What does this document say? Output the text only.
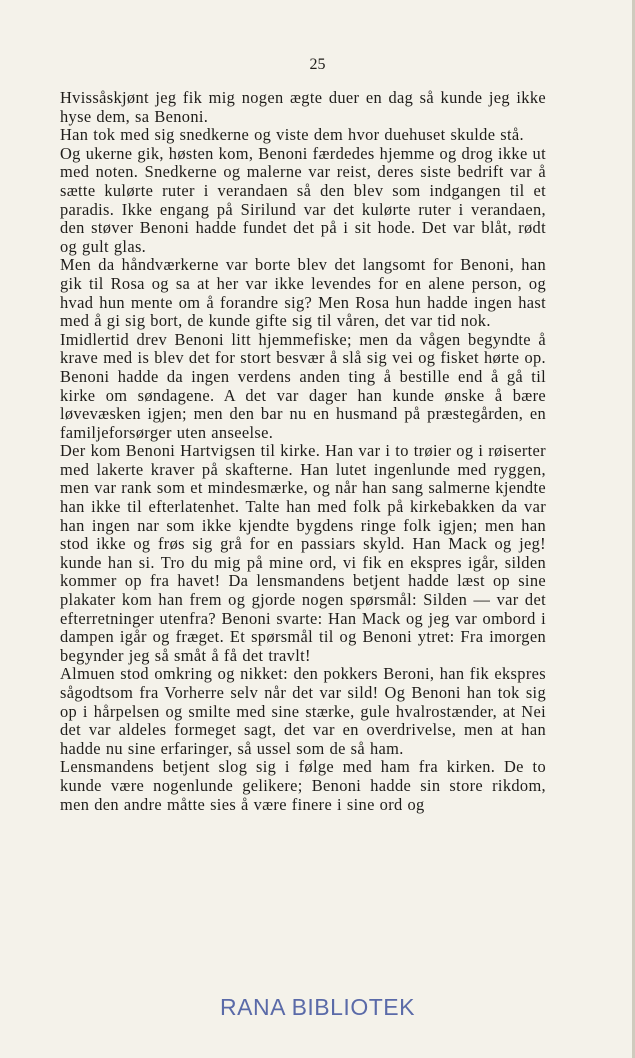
25

Hvissåskjønt jeg fik mig nogen ægte duer en dag så kunde jeg ikke hyse dem, sa Benoni.

Han tok med sig snedkerne og viste dem hvor duehuset skulde stå.

Og ukerne gik, høsten kom, Benoni færdedes hjemme og drog ikke ut med noten. Snedkerne og malerne var reist, deres siste bedrift var å sætte kulørte ruter i verandaen så den blev som indgangen til et paradis. Ikke engang på Sirilund var det kulørte ruter i verandaen, den støver Benoni hadde fundet det på i sit hode. Det var blåt, rødt og gult glas.

Men da håndværkerne var borte blev det langsomt for Benoni, han gik til Rosa og sa at her var ikke levendes for en alene person, og hvad hun mente om å forandre sig? Men Rosa hun hadde ingen hast med å gi sig bort, de kunde gifte sig til våren, det var tid nok.

Imidlertid drev Benoni litt hjemmefiske; men da vågen begyndte å krave med is blev det for stort besvær å slå sig vei og fisket hørte op. Benoni hadde da ingen verdens anden ting å bestille end å gå til kirke om søndagene. A det var dager han kunde ønske å bære løvevæsken igjen; men den bar nu en husmand på præstegården, en familjeforsørger uten anseelse.

Der kom Benoni Hartvigsen til kirke. Han var i to trøier og i røiserter med lakerte kraver på skafterne. Han lutet ingenlunde med ryggen, men var rank som et mindesmærke, og når han sang salmerne kjendte han ikke til efterlatenhet. Talte han med folk på kirkebakken da var han ingen nar som ikke kjendte bygdens ringe folk igjen; men han stod ikke og frøs sig grå for en passiars skyld. Han Mack og jeg! kunde han si. Tro du mig på mine ord, vi fik en ekspres igår, silden kommer op fra havet! Da lensmandens betjent hadde læst op sine plakater kom han frem og gjorde nogen spørsmål: Silden — var det efterretninger utenfra? Benoni svarte: Han Mack og jeg var ombord i dampen igår og fræget. Et spørsmål til og Benoni ytret: Fra imorgen begynder jeg så småt å få det travlt!

Almuen stod omkring og nikket: den pokkers Beroni, han fik ekspres sågodtsom fra Vorherre selv når det var sild! Og Benoni han tok sig op i hårpelsen og smilte med sine stærke, gule hvalrostænder, at Nei det var aldeles formeget sagt, det var en overdrivelse, men at han hadde nu sine erfaringer, så ussel som de så ham.

Lensmandens betjent slog sig i følge med ham fra kirken. De to kunde være nogenlunde gelikere; Benoni hadde sin store rikdom, men den andre måtte sies å være finere i sine ord og

RANA BIBLIOTEK
